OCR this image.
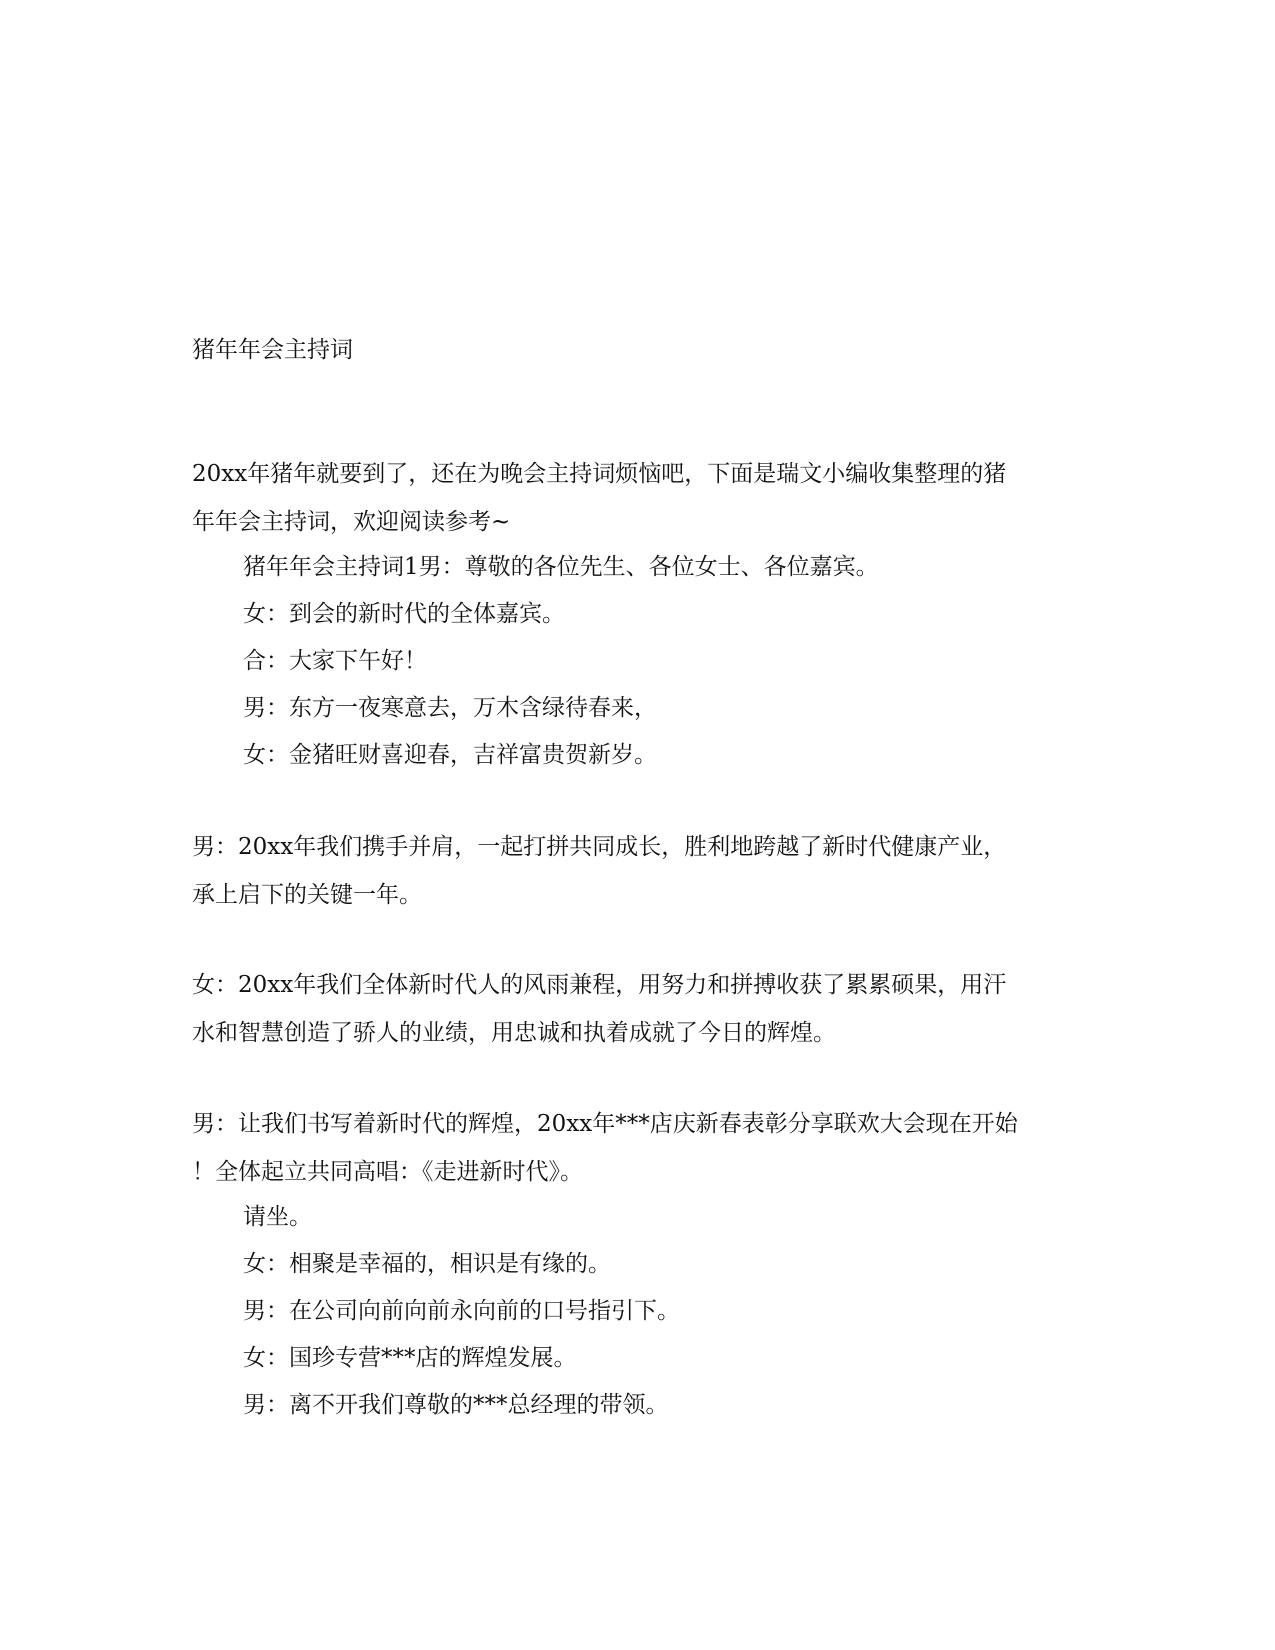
猪年年会主持词

20xx年猪年就要到了，还在为晚会主持词烦恼吧，下面是瑞文小编收集整理的猪
年年会主持词，欢迎阅读参考~

猪年年会主持词1男：尊敬的各位先生、各位女士、各位嘉宾。

女：到会的新时代的全体嘉宾。

合：大家下午好！

男：东方一夜寒意去，万木含绿待春来，

女：金猪旺财喜迎春，吉祥富贵贺新岁。

男：20xx年我们携手并肩，一起打拼共同成长，胜利地跨越了新时代健康产业，
承上启下的关键一年。

女：20xx年我们全体新时代人的风雨兼程，用努力和拼搏收获了累累硕果，用汗
水和智慧创造了骄人的业绩，用忠诚和执着成就了今日的辉煌。

男：让我们书写着新时代的辉煌，20xx年***店庆新春表彰分享联欢大会现在开始
！全体起立共同高唱：《走进新时代》。

请坐。

女：相聚是幸福的，相识是有缘的。

男：在公司向前向前永向前的口号指引下。

女：国珍专营***店的辉煌发展。

男：离不开我们尊敬的***总经理的带领。
